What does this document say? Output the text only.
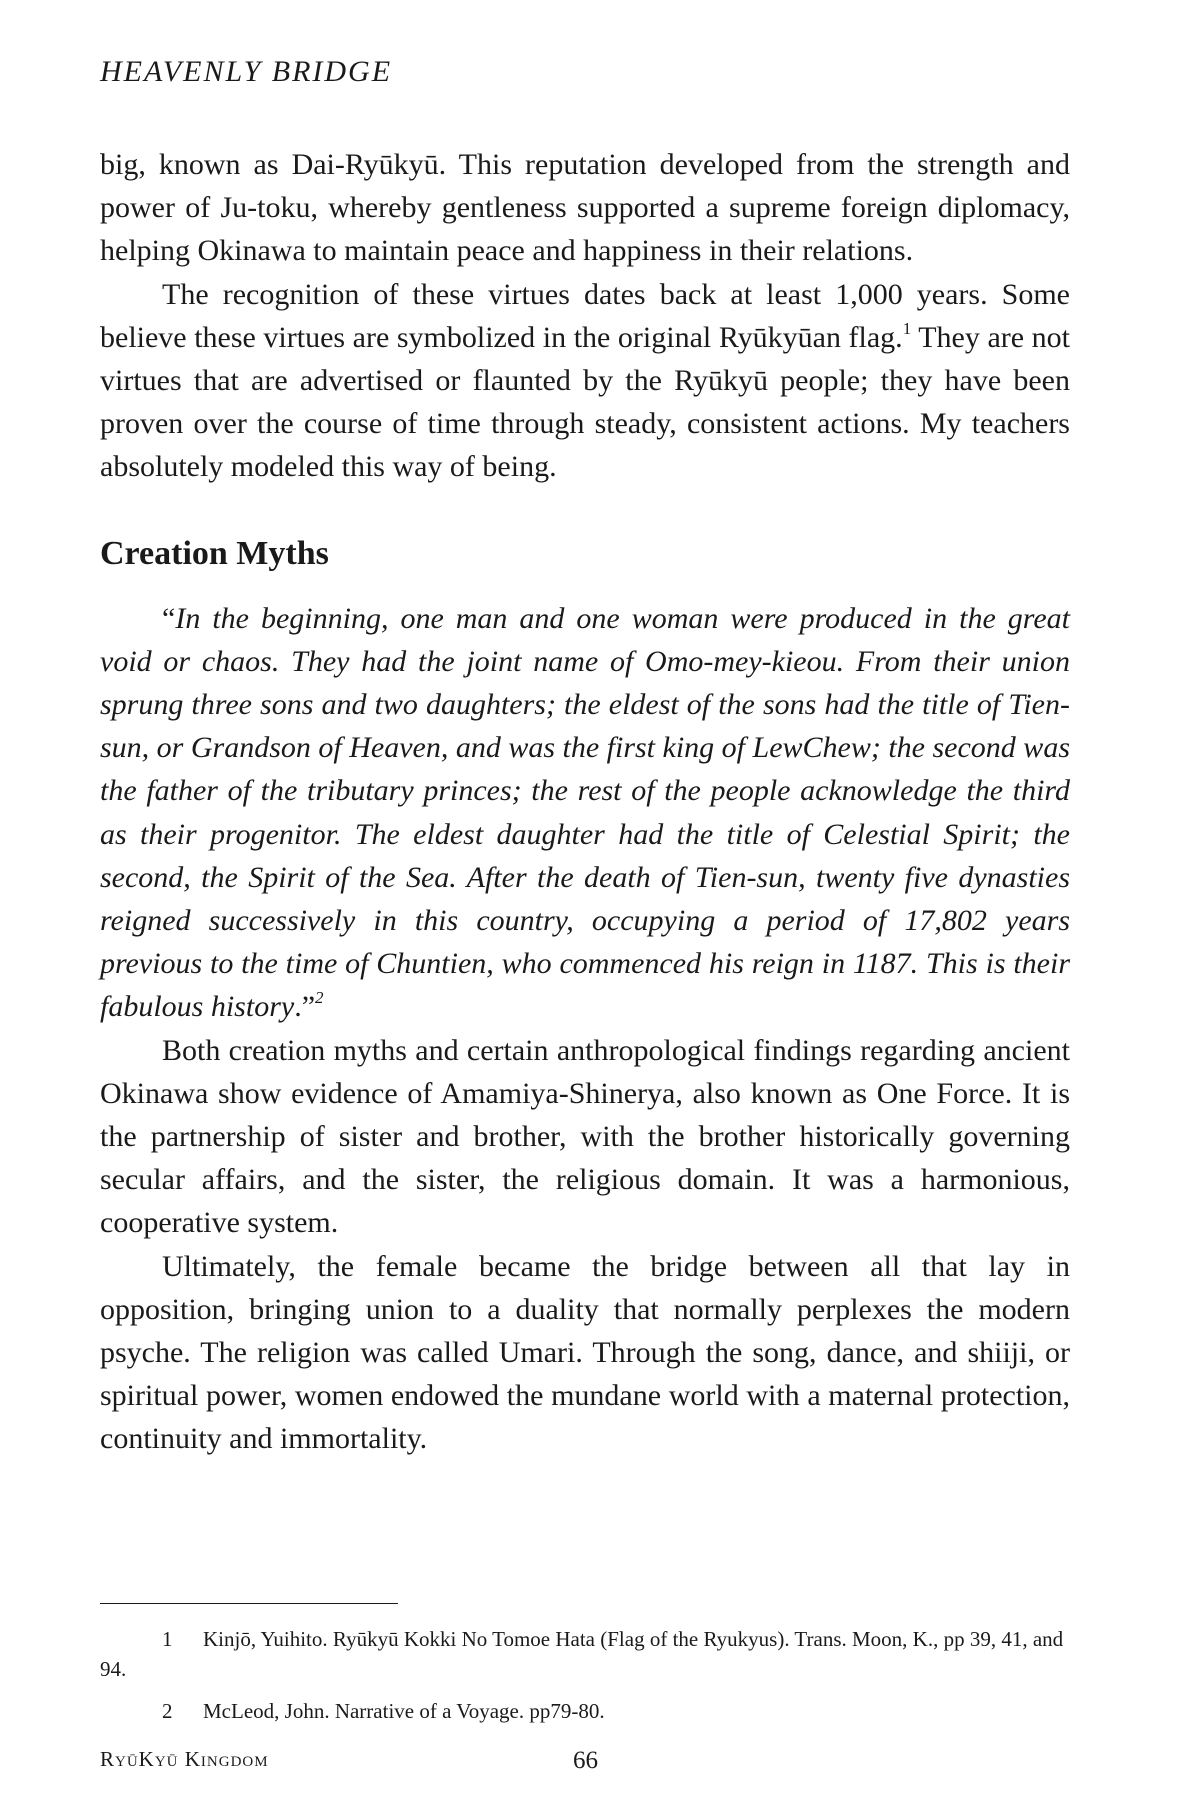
HEAVENLY BRIDGE

big, known as Dai-Ryūkyū. This reputation developed from the strength and power of Ju-toku, whereby gentleness supported a supreme foreign diplomacy, helping Okinawa to maintain peace and happiness in their relations.

The recognition of these virtues dates back at least 1,000 years. Some believe these virtues are symbolized in the original Ryūkyūan flag.$^1$ They are not virtues that are advertised or flaunted by the Ryūkyū people; they have been proven over the course of time through steady, consistent actions. My teachers absolutely modeled this way of being.

Creation Myths

“In the beginning, one man and one woman were produced in the great void or chaos. They had the joint name of Omo-mey-kieou. From their union sprung three sons and two daughters; the eldest of the sons had the title of Tien-sun, or Grandson of Heaven, and was the first king of LewChew; the second was the father of the tributary princes; the rest of the people acknowledge the third as their progenitor. The eldest daughter had the title of Celestial Spirit; the second, the Spirit of the Sea. After the death of Tien-sun, twenty five dynasties reigned successively in this country, occupying a period of 17,802 years previous to the time of Chuntien, who commenced his reign in 1187. This is their fabulous history.”$^2$

Both creation myths and certain anthropological findings regarding ancient Okinawa show evidence of Amamiya-Shinerya, also known as One Force. It is the partnership of sister and brother, with the brother historically governing secular affairs, and the sister, the religious domain. It was a harmonious, cooperative system.

Ultimately, the female became the bridge between all that lay in opposition, bringing union to a duality that normally perplexes the modern psyche. The religion was called Umari. Through the song, dance, and shiiji, or spiritual power, women endowed the mundane world with a maternal protection, continuity and immortality.

1 Kinjō, Yuihito. Ryūkyū Kokki No Tomoe Hata (Flag of the Ryukyus). Trans. Moon, K., pp 39, 41, and 94.

2 McLeod, John. Narrative of a Voyage. pp79-80.

RyūKyū Kingdom	66
